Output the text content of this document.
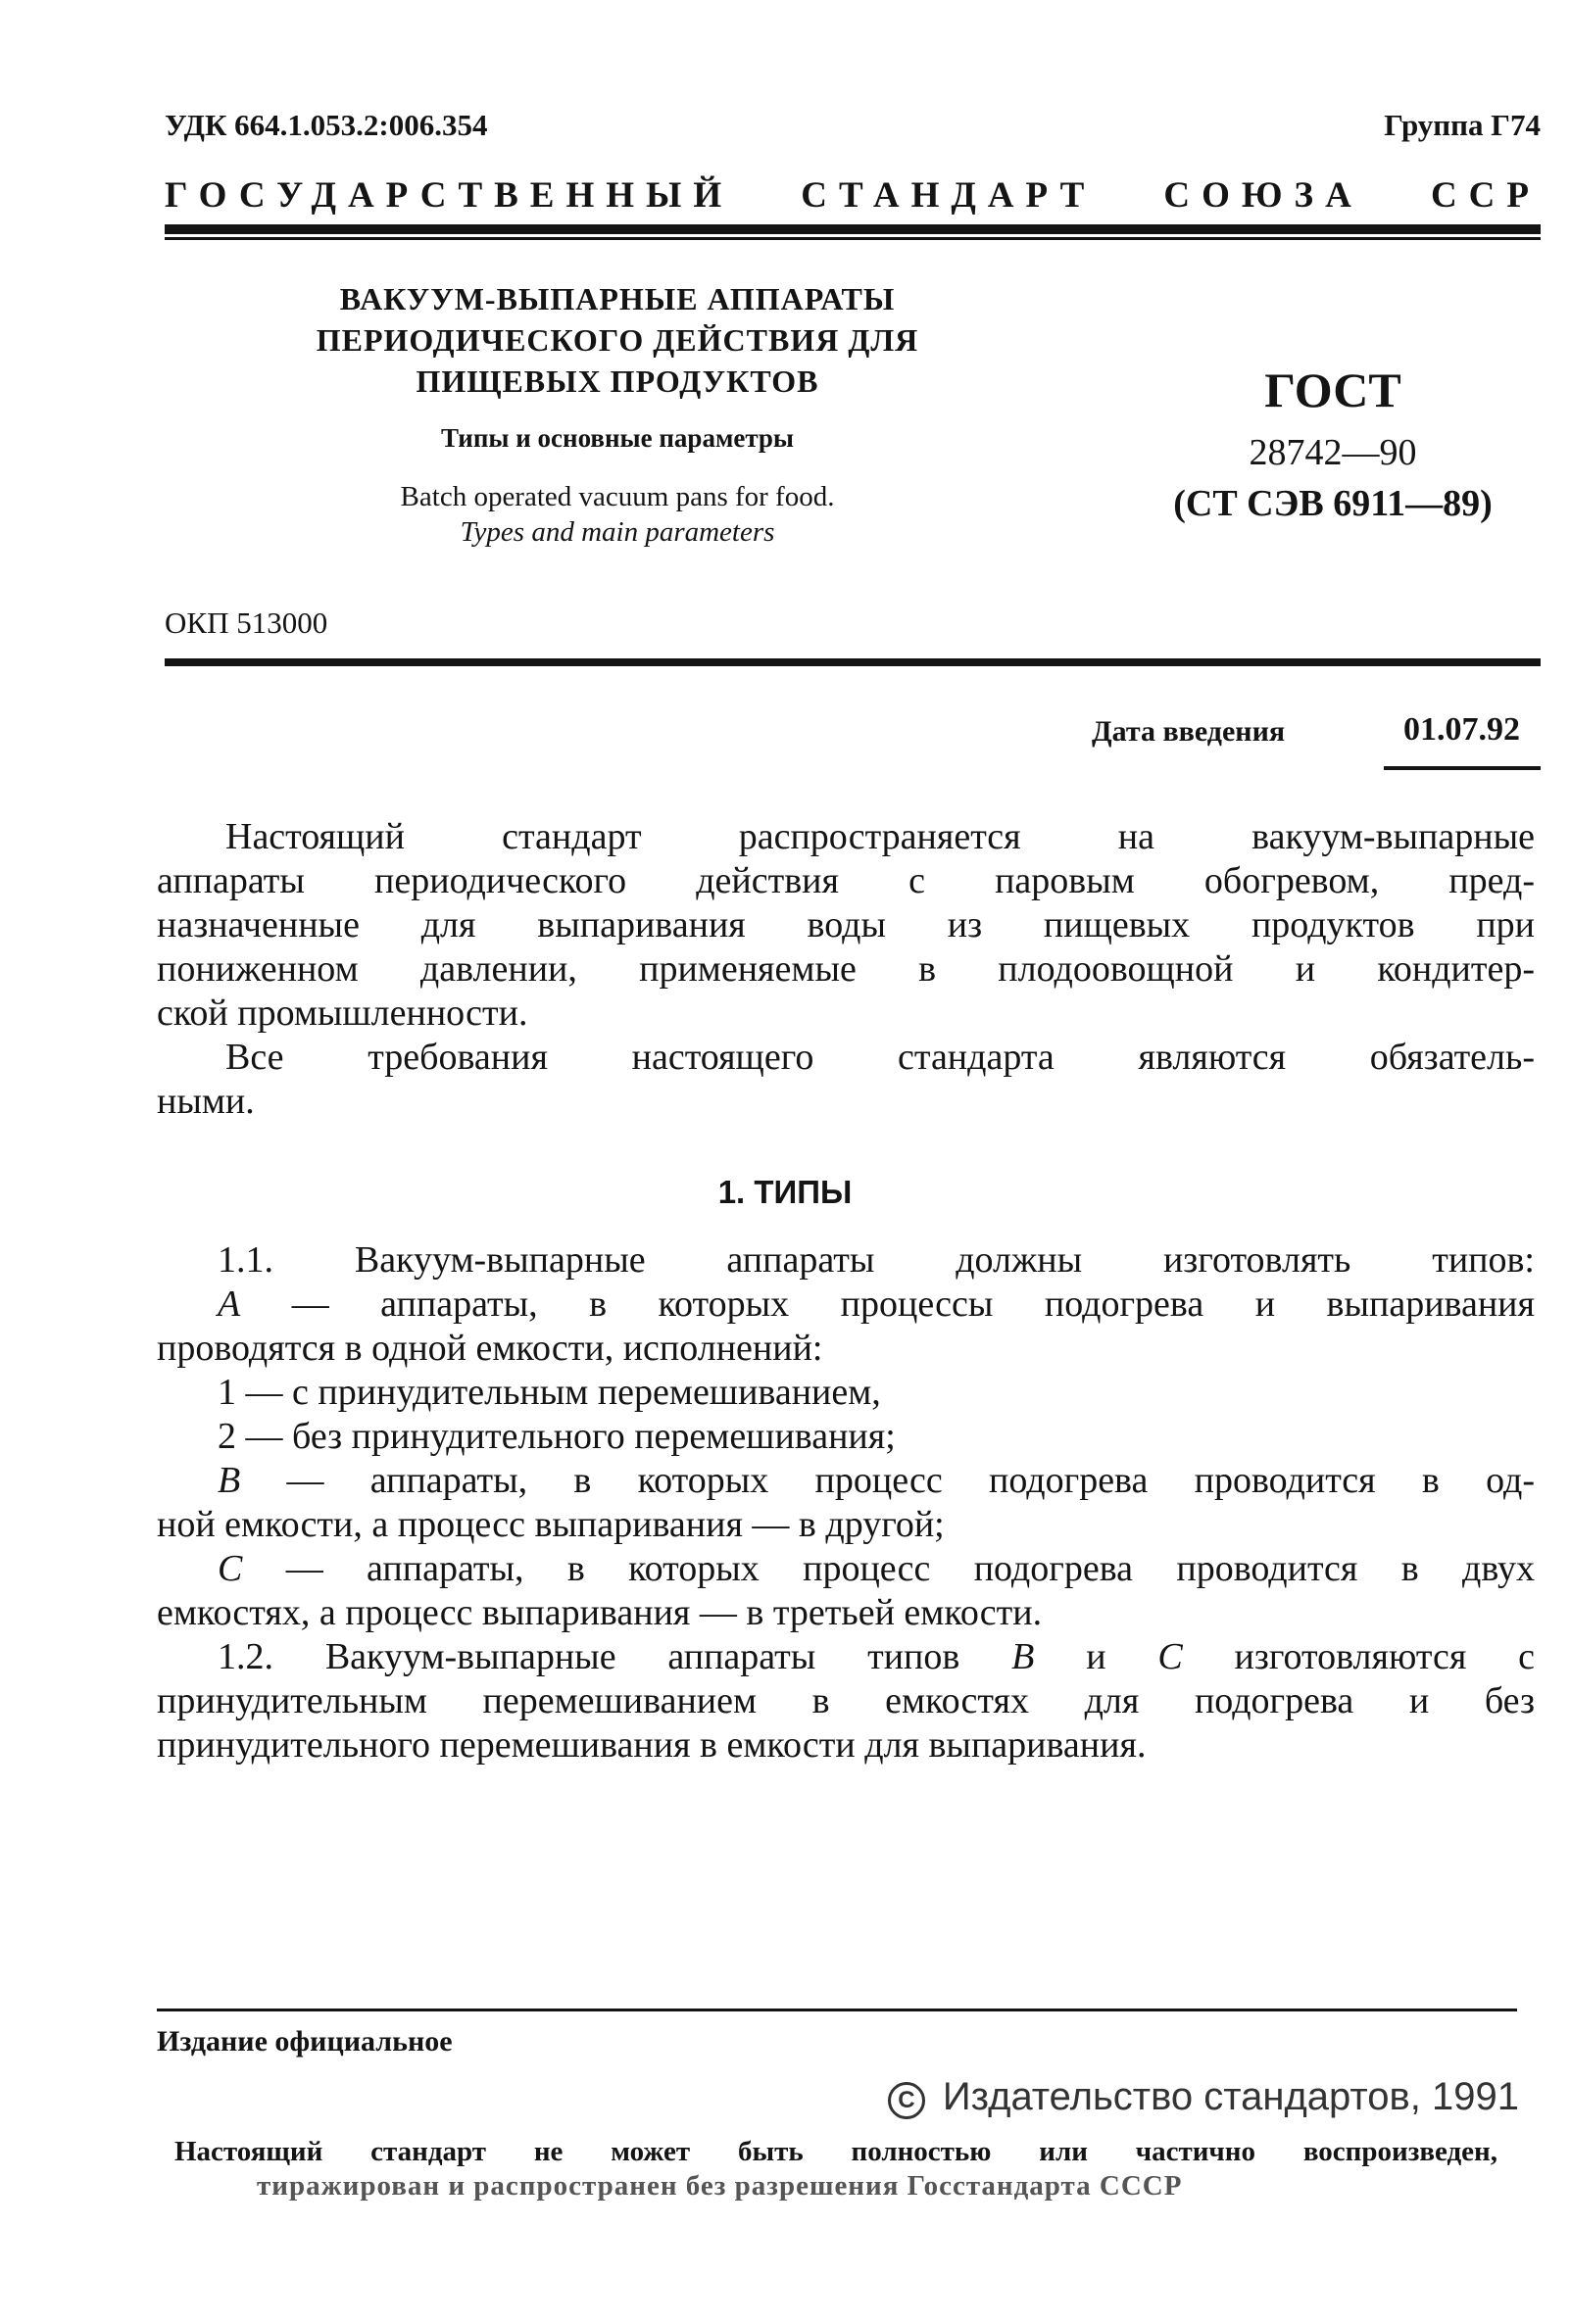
УДК 664.1.053.2:006.354	Группа Г74
ГОСУДАРСТВЕННЫЙ СТАНДАРТ СОЮЗА ССР
ВАКУУМ-ВЫПАРНЫЕ АППАРАТЫ
ПЕРИОДИЧЕСКОГО ДЕЙСТВИЯ ДЛЯ
ПИЩЕВЫХ ПРОДУКТОВ
Типы и основные параметры
Batch operated vacuum pans for food.
Types and main parameters
ГОСТ
28742—90
(СТ СЭВ 6911—89)
ОКП 513000
Дата введения	01.07.92
Настоящий стандарт распространяется на вакуум-выпарные
аппараты периодического действия с паровым обогревом, пред-
назначенные для выпаривания воды из пищевых продуктов при
пониженном давлении, применяемые в плодоовощной и кондитер-
ской промышленности.
Все требования настоящего стандарта являются обязатель-
ными.
1. ТИПЫ
1.1. Вакуум-выпарные аппараты должны изготовлять типов:
А — аппараты, в которых процессы подогрева и выпаривания
проводятся в одной емкости, исполнений:
1 — с принудительным перемешиванием,
2 — без принудительного перемешивания;
В — аппараты, в которых процесс подогрева проводится в од-
ной емкости, а процесс выпаривания — в другой;
С — аппараты, в которых процесс подогрева проводится в двух
емкостях, а процесс выпаривания — в третьей емкости.
1.2. Вакуум-выпарные аппараты типов В и С изготовляются с
принудительным перемешиванием в емкостях для подогрева и без
принудительного перемешивания в емкости для выпаривания.
Издание официальное
C Издательство стандартов, 1991
Настоящий стандарт не может быть полностью или частично воспроизведен,
тиражирован и распространен без разрешения Госстандарта СССР
